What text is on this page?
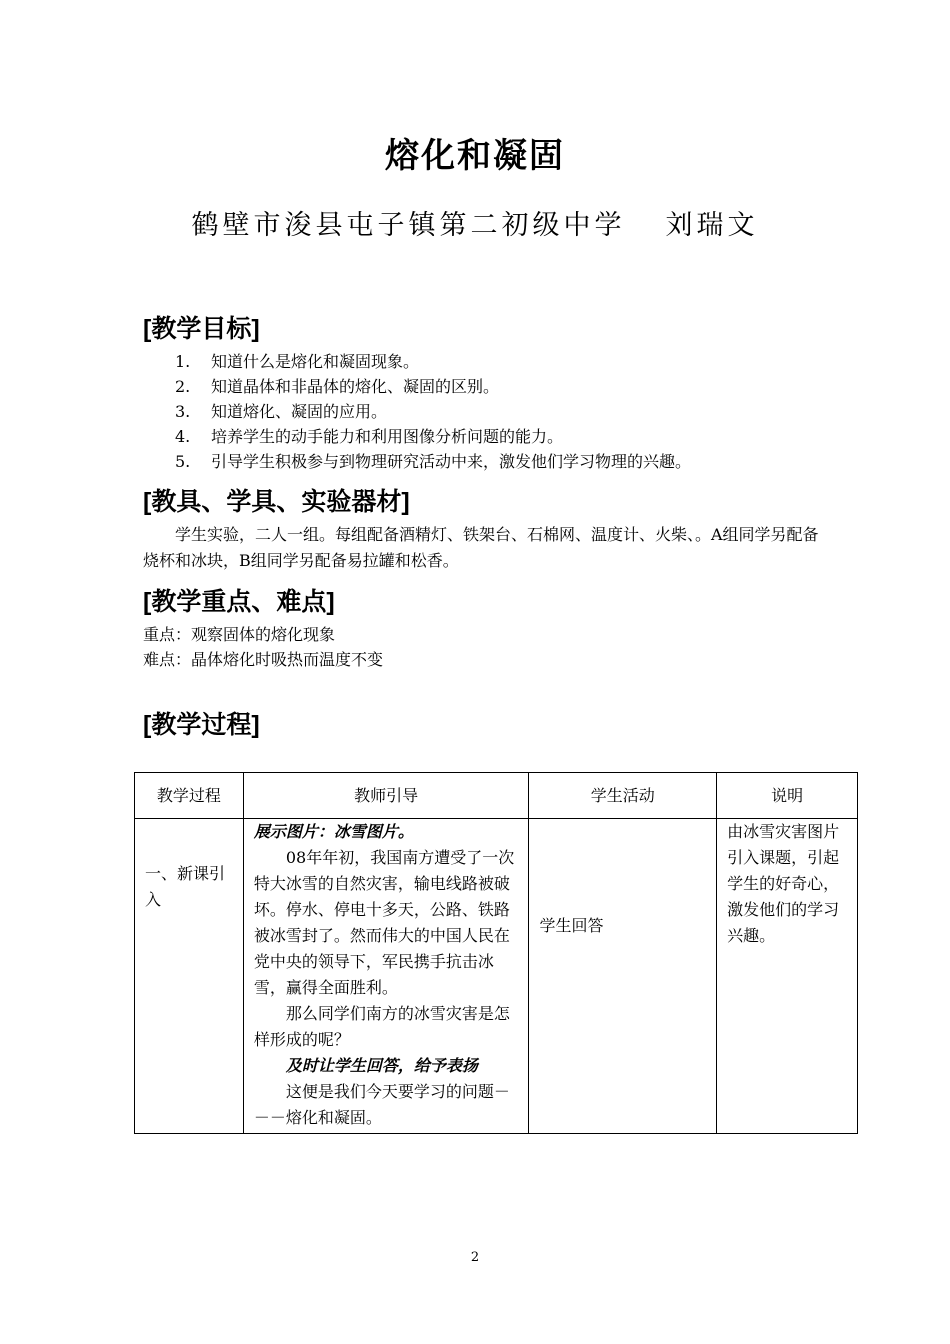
熔化和凝固
鹤壁市浚县屯子镇第二初级中学 刘瑞文
[教学目标]
1. 知道什么是熔化和凝固现象。
2. 知道晶体和非晶体的熔化、凝固的区别。
3. 知道熔化、凝固的应用。
4. 培养学生的动手能力和利用图像分析问题的能力。
5. 引导学生积极参与到物理研究活动中来，激发他们学习物理的兴趣。
[教具、学具、实验器材]
学生实验，二人一组。每组配备酒精灯、铁架台、石棉网、温度计、火柴、。A组同学另配备烧杯和冰块，B组同学另配备易拉罐和松香。
[教学重点、难点]
重点：观察固体的熔化现象
难点：晶体熔化时吸热而温度不变
[教学过程]
教学过程	教师引导	学生活动	说明
一、新课引入	展示图片：冰雪图片。
08年年初，我国南方遭受了一次特大冰雪的自然灾害，输电线路被破坏。停水、停电十多天，公路、铁路被冰雪封了。然而伟大的中国人民在党中央的领导下，军民携手抗击冰雪，赢得全面胜利。
那么同学们南方的冰雪灾害是怎样形成的呢？
及时让学生回答，给予表扬
这便是我们今天要学习的问题－－－熔化和凝固。	学生回答	由冰雪灾害图片引入课题，引起学生的好奇心，激发他们的学习兴趣。
2
